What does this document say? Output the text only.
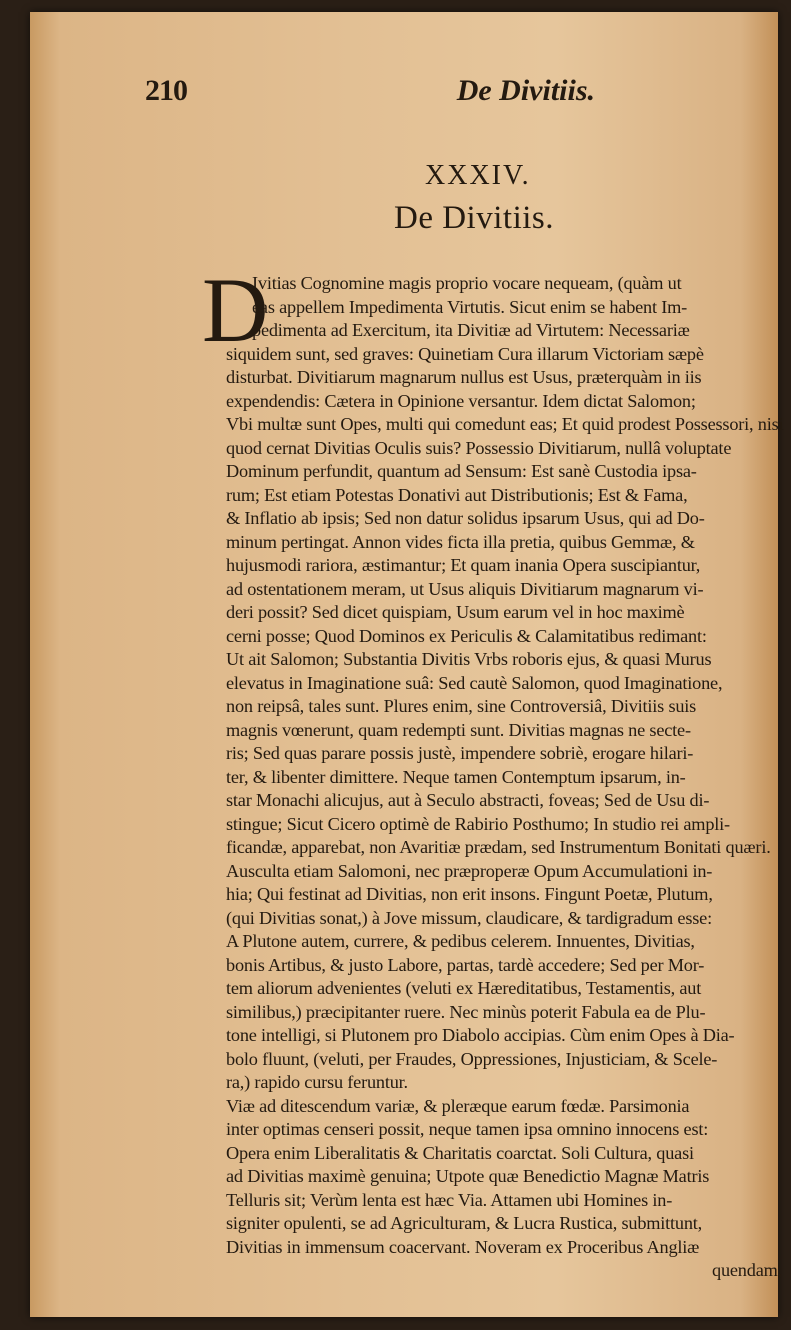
210	De Divitiis.
XXXIV.
De Divitiis.
D
Ivitias Cognomine magis proprio vocare nequeam, (quàm ut
eas appellem Impedimenta Virtutis. Sicut enim se habent Im-
pedimenta ad Exercitum, ita Divitiæ ad Virtutem: Necessariæ
siquidem sunt, sed graves: Quinetiam Cura illarum Victoriam sæpè
disturbat. Divitiarum magnarum nullus est Usus, præterquàm in iis
expendendis: Cætera in Opinione versantur. Idem dictat Salomon;
Vbi multæ sunt Opes, multi qui comedunt eas; Et quid prodest Possessori, nisi
quod cernat Divitias Oculis suis? Possessio Divitiarum, nullâ voluptate
Dominum perfundit, quantum ad Sensum: Est sanè Custodia ipsa-
rum; Est etiam Potestas Donativi aut Distributionis; Est & Fama,
& Inflatio ab ipsis; Sed non datur solidus ipsarum Usus, qui ad Do-
minum pertingat. Annon vides ficta illa pretia, quibus Gemmæ, &
hujusmodi rariora, æstimantur; Et quam inania Opera suscipiantur,
ad ostentationem meram, ut Usus aliquis Divitiarum magnarum vi-
deri possit? Sed dicet quispiam, Usum earum vel in hoc maximè
cerni posse; Quod Dominos ex Periculis & Calamitatibus redimant:
Ut ait Salomon; Substantia Divitis Vrbs roboris ejus, & quasi Murus
elevatus in Imaginatione suâ: Sed cautè Salomon, quod Imaginatione,
non reipsâ, tales sunt. Plures enim, sine Controversiâ, Divitiis suis
magnis vœnerunt, quam redempti sunt. Divitias magnas ne secte-
ris; Sed quas parare possis justè, impendere sobriè, erogare hilari-
ter, & libenter dimittere. Neque tamen Contemptum ipsarum, in-
star Monachi alicujus, aut à Seculo abstracti, foveas; Sed de Usu di-
stingue; Sicut Cicero optimè de Rabirio Posthumo; In studio rei ampli-
ficandæ, apparebat, non Avaritiæ prædam, sed Instrumentum Bonitati quæri.
Ausculta etiam Salomoni, nec præproperæ Opum Accumulationi in-
hia; Qui festinat ad Divitias, non erit insons. Fingunt Poetæ, Plutum,
(qui Divitias sonat,) à Jove missum, claudicare, & tardigradum esse:
A Plutone autem, currere, & pedibus celerem. Innuentes, Divitias,
bonis Artibus, & justo Labore, partas, tardè accedere; Sed per Mor-
tem aliorum advenientes (veluti ex Hæreditatibus, Testamentis, aut
similibus,) præcipitanter ruere. Nec minùs poterit Fabula ea de Plu-
tone intelligi, si Plutonem pro Diabolo accipias. Cùm enim Opes à Dia-
bolo fluunt, (veluti, per Fraudes, Oppressiones, Injusticiam, & Scele-
ra,) rapido cursu feruntur.
Viæ ad ditescendum variæ, & pleræque earum fœdæ. Parsimonia
inter optimas censeri possit, neque tamen ipsa omnino innocens est:
Opera enim Liberalitatis & Charitatis coarctat. Soli Cultura, quasi
ad Divitias maximè genuina; Utpote quæ Benedictio Magnæ Matris
Telluris sit; Verùm lenta est hæc Via. Attamen ubi Homines in-
signiter opulenti, se ad Agriculturam, & Lucra Rustica, submittunt,
Divitias in immensum coacervant. Noveram ex Proceribus Angliæ
quendam,
